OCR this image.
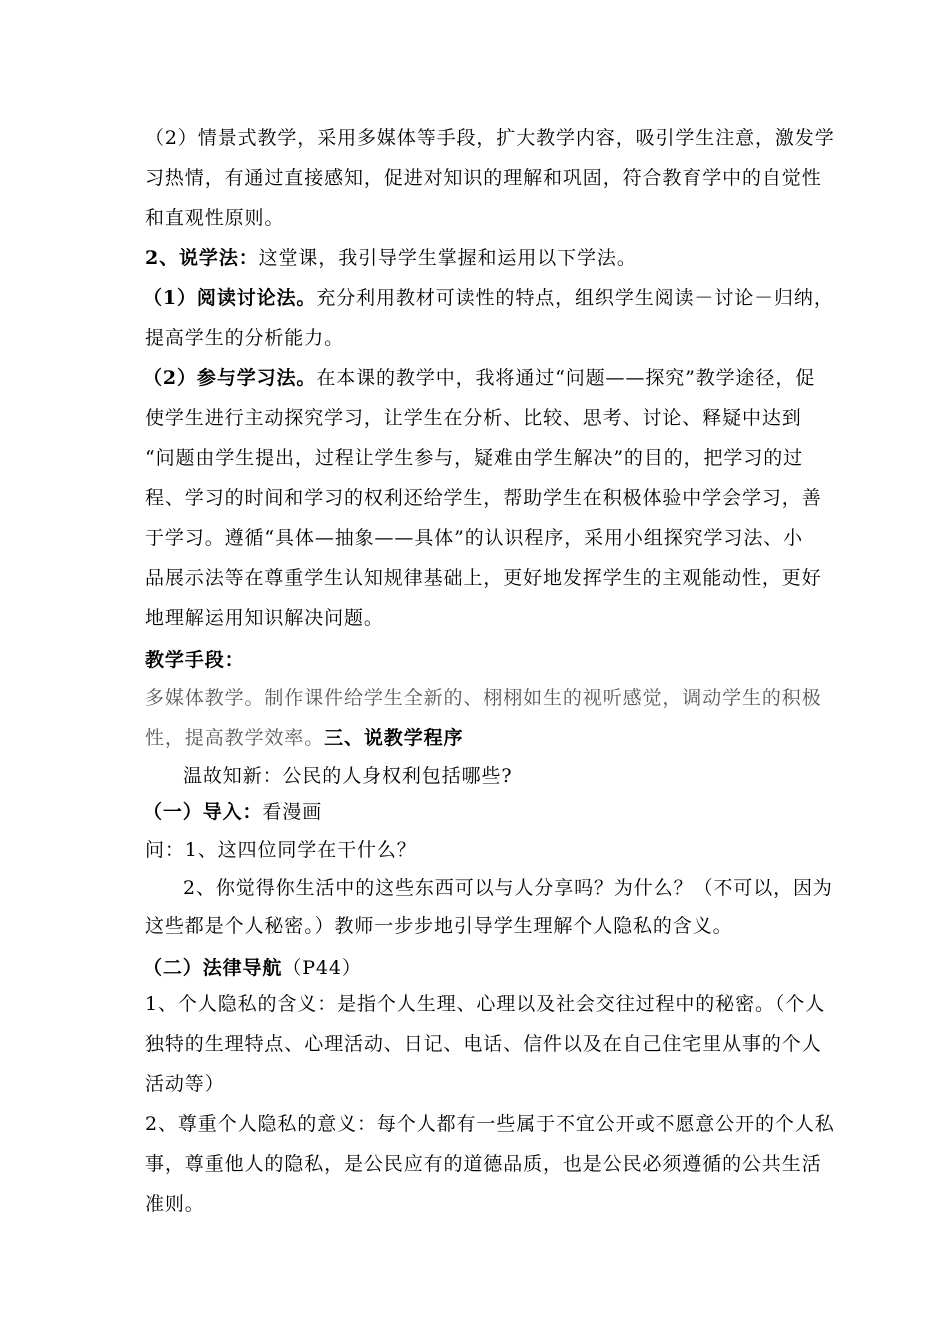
（2）情景式教学，采用多媒体等手段，扩大教学内容，吸引学生注意，激发学
习热情，有通过直接感知，促进对知识的理解和巩固，符合教育学中的自觉性
和直观性原则。
2、说学法：这堂课，我引导学生掌握和运用以下学法。
（1）阅读讨论法。充分利用教材可读性的特点，组织学生阅读－讨论－归纳，
提高学生的分析能力。
（2）参与学习法。在本课的教学中，我将通过“问题——探究”教学途径，促
使学生进行主动探究学习，让学生在分析、比较、思考、讨论、释疑中达到
“问题由学生提出，过程让学生参与，疑难由学生解决”的目的，把学习的过
程、学习的时间和学习的权利还给学生，帮助学生在积极体验中学会学习，善
于学习。遵循“具体—抽象——具体”的认识程序，采用小组探究学习法、小
品展示法等在尊重学生认知规律基础上，更好地发挥学生的主观能动性，更好
地理解运用知识解决问题。
教学手段：
多媒体教学。制作课件给学生全新的、栩栩如生的视听感觉，调动学生的积极
性，提高教学效率。三、说教学程序
温故知新：公民的人身权利包括哪些?
（一）导入：看漫画
问：1、这四位同学在干什么？
2、你觉得你生活中的这些东西可以与人分享吗？为什么？（不可以，因为
这些都是个人秘密。）教师一步步地引导学生理解个人隐私的含义。
（二）法律导航（P44）
1、个人隐私的含义：是指个人生理、心理以及社会交往过程中的秘密。（个人
独特的生理特点、心理活动、日记、电话、信件以及在自己住宅里从事的个人
活动等）
2、尊重个人隐私的意义：每个人都有一些属于不宜公开或不愿意公开的个人私
事，尊重他人的隐私，是公民应有的道德品质，也是公民必须遵循的公共生活
准则。
